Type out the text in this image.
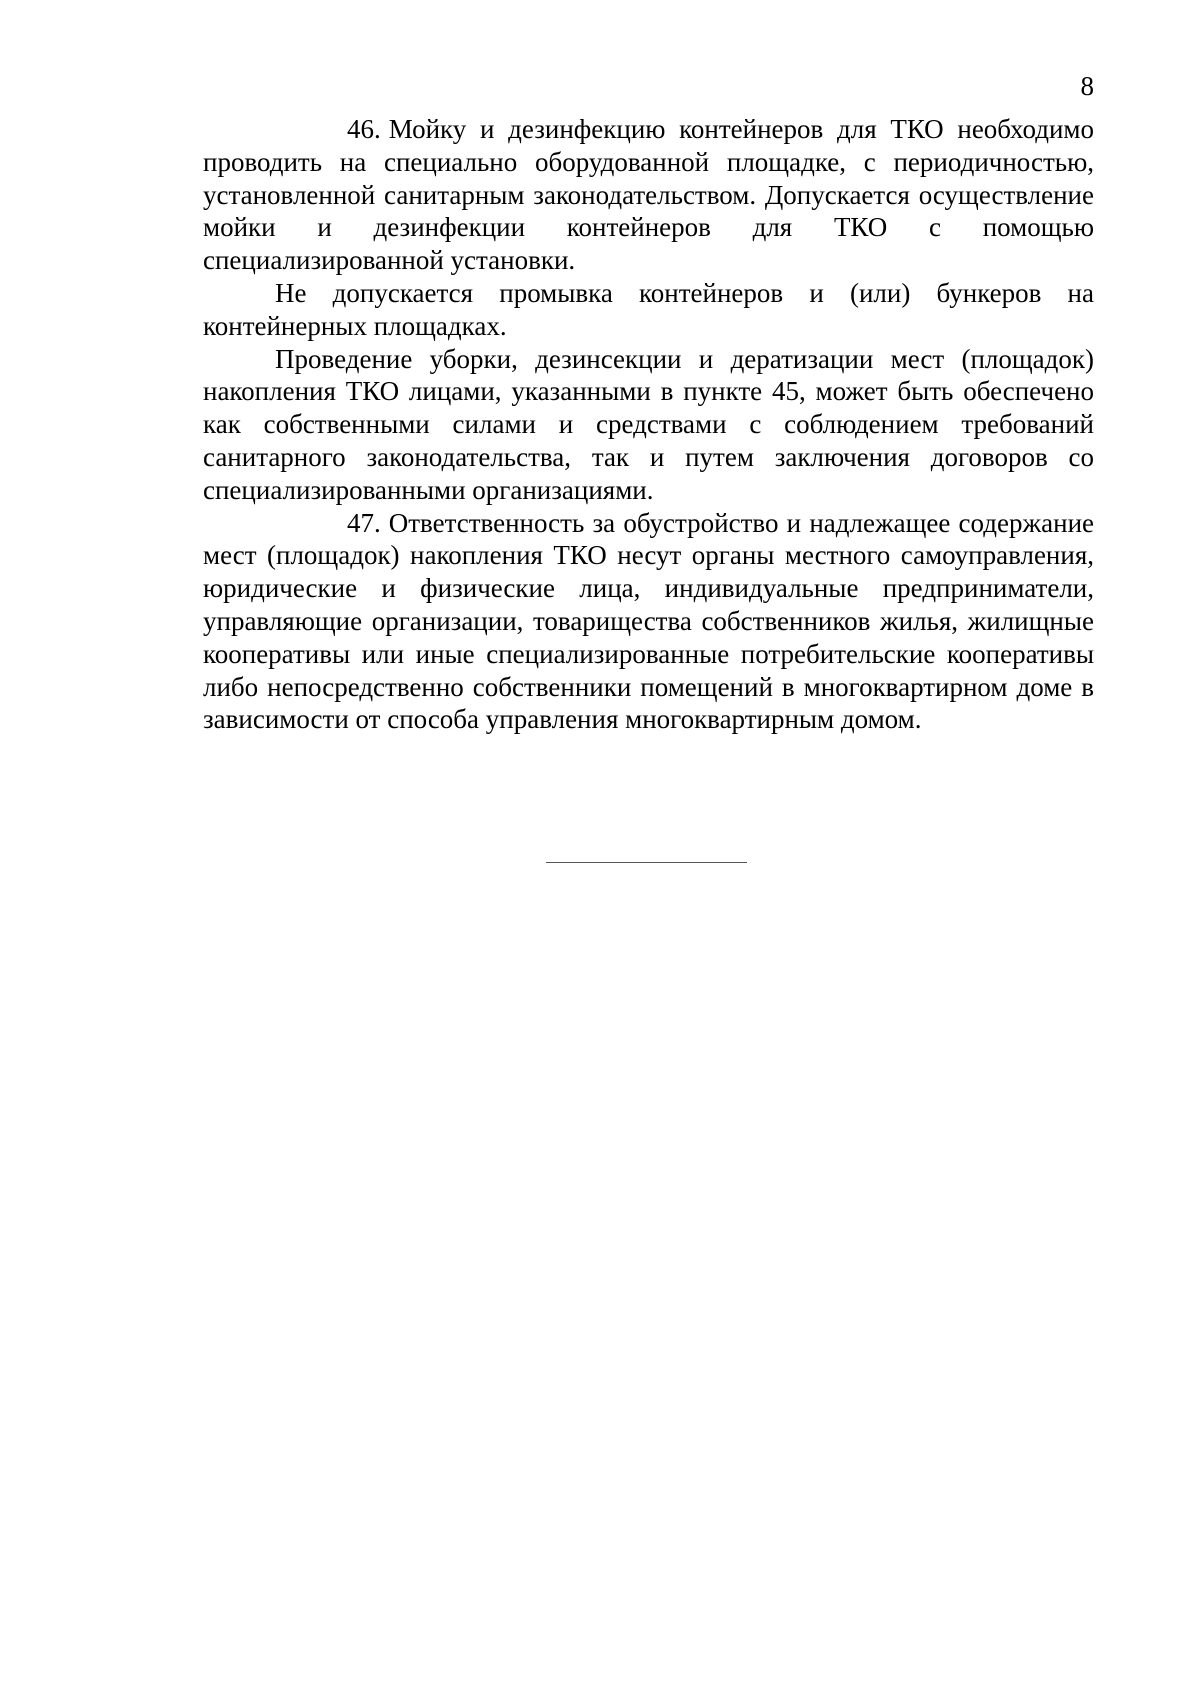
8

46. Мойку и дезинфекцию контейнеров для ТКО необходимо проводить на специально оборудованной площадке, с периодичностью, установленной санитарным законодательством. Допускается осуществление мойки и дезинфекции контейнеров для ТКО с помощью специализированной установки.

Не допускается промывка контейнеров и (или) бункеров на контейнерных площадках.

Проведение уборки, дезинсекции и дератизации мест (площадок) накопления ТКО лицами, указанными в пункте 45, может быть обеспечено как собственными силами и средствами с соблюдением требований санитарного законодательства, так и путем заключения договоров со специализированными организациями.

47. Ответственность за обустройство и надлежащее содержание мест (площадок) накопления ТКО несут органы местного самоуправления, юридические и физические лица, индивидуальные предприниматели, управляющие организации, товарищества собственников жилья, жилищные кооперативы или иные специализированные потребительские кооперативы либо непосредственно собственники помещений в многоквартирном доме в зависимости от способа управления многоквартирным домом.
